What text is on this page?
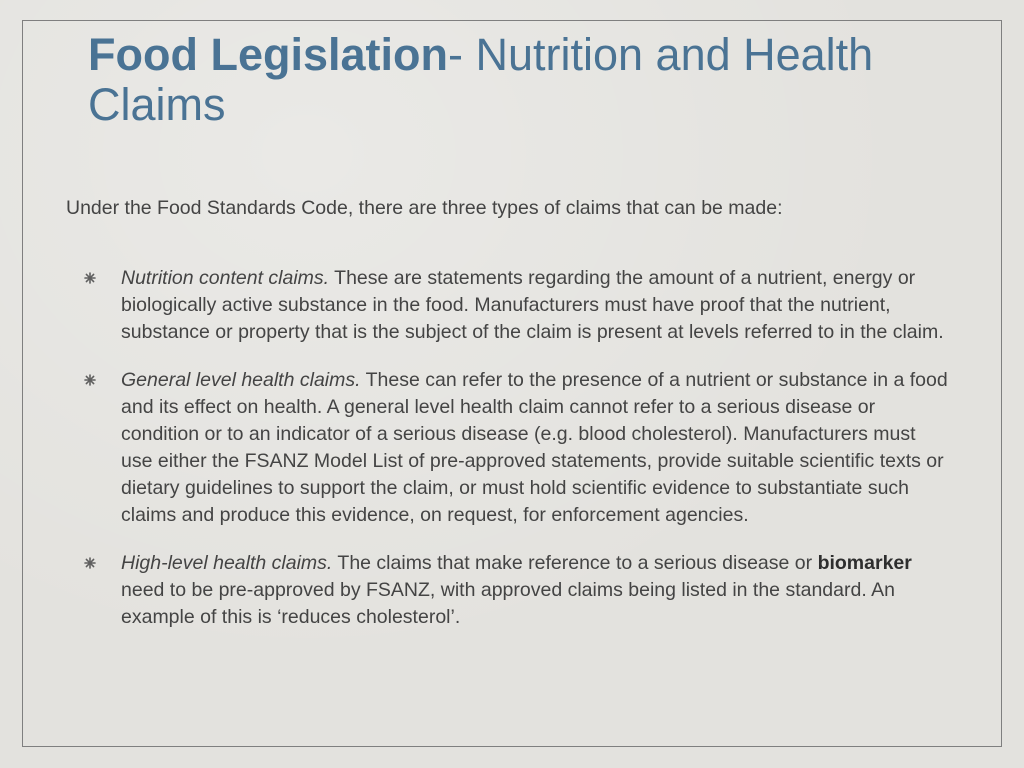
Food Legislation- Nutrition and Health Claims

Under the Food Standards Code, there are three types of claims that can be made:

Nutrition content claims. These are statements regarding the amount of a nutrient, energy or biologically active substance in the food. Manufacturers must have proof that the nutrient, substance or property that is the subject of the claim is present at levels referred to in the claim.
General level health claims. These can refer to the presence of a nutrient or substance in a food and its effect on health. A general level health claim cannot refer to a serious disease or condition or to an indicator of a serious disease (e.g. blood cholesterol). Manufacturers must use either the FSANZ Model List of pre-approved statements, provide suitable scientific texts or dietary guidelines to support the claim, or must hold scientific evidence to substantiate such claims and produce this evidence, on request, for enforcement agencies.
High-level health claims. The claims that make reference to a serious disease or biomarker need to be pre-approved by FSANZ, with approved claims being listed in the standard. An example of this is ‘reduces cholesterol’.
